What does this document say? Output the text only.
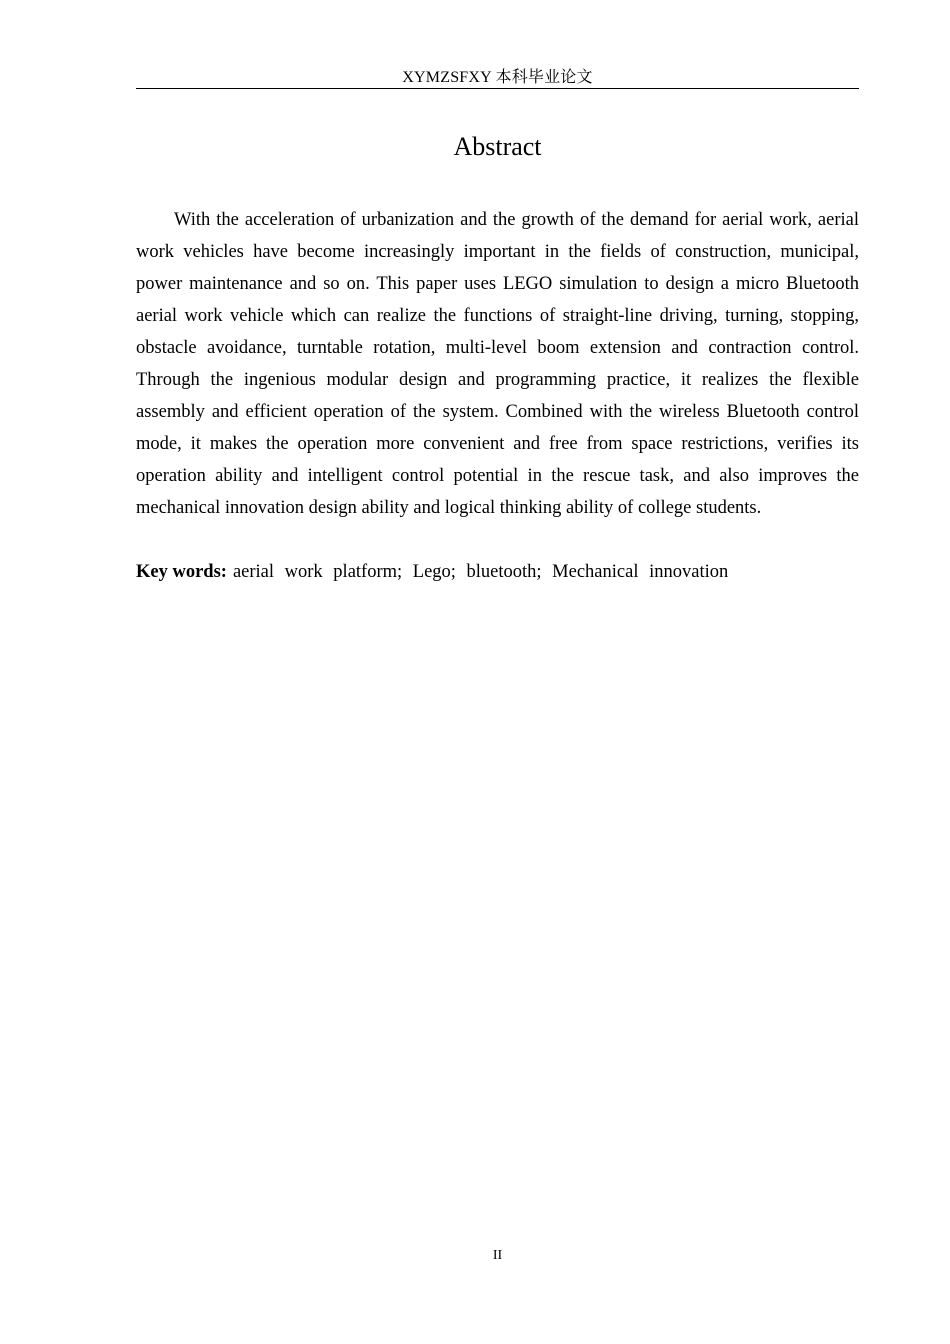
XYMZSFXY 本科毕业论文
Abstract

With the acceleration of urbanization and the growth of the demand for aerial work, aerial work vehicles have become increasingly important in the fields of construction, municipal, power maintenance and so on. This paper uses LEGO simulation to design a micro Bluetooth aerial work vehicle which can realize the functions of straight-line driving, turning, stopping, obstacle avoidance, turntable rotation, multi-level boom extension and contraction control. Through the ingenious modular design and programming practice, it realizes the flexible assembly and efficient operation of the system. Combined with the wireless Bluetooth control mode, it makes the operation more convenient and free from space restrictions, verifies its operation ability and intelligent control potential in the rescue task, and also improves the mechanical innovation design ability and logical thinking ability of college students.

Key words: aerial work platform; Lego; bluetooth; Mechanical innovation

II
